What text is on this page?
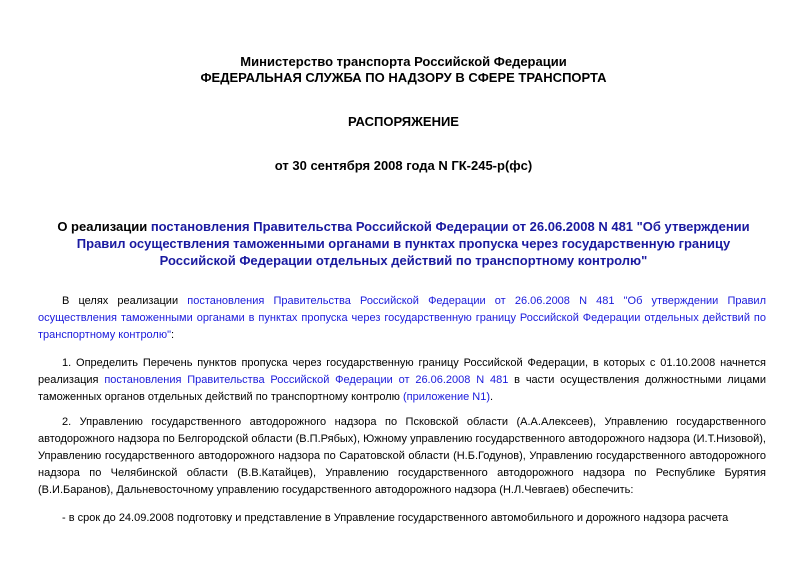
Министерство транспорта Российской Федерации
ФЕДЕРАЛЬНАЯ СЛУЖБА ПО НАДЗОРУ В СФЕРЕ ТРАНСПОРТА
РАСПОРЯЖЕНИЕ
от 30 сентября 2008 года N ГК-245-р(фс)
О реализации постановления Правительства Российской Федерации от 26.06.2008 N 481 "Об утверждении Правил осуществления таможенными органами в пунктах пропуска через государственную границу Российской Федерации отдельных действий по транспортному контролю"
В целях реализации постановления Правительства Российской Федерации от 26.06.2008 N 481 "Об утверждении Правил осуществления таможенными органами в пунктах пропуска через государственную границу Российской Федерации отдельных действий по транспортному контролю":
1. Определить Перечень пунктов пропуска через государственную границу Российской Федерации, в которых с 01.10.2008 начнется реализация постановления Правительства Российской Федерации от 26.06.2008 N 481 в части осуществления должностными лицами таможенных органов отдельных действий по транспортному контролю (приложение N1).
2. Управлению государственного автодорожного надзора по Псковской области (А.А.Алексеев), Управлению государственного автодорожного надзора по Белгородской области (В.П.Рябых), Южному управлению государственного автодорожного надзора (И.Т.Низовой), Управлению государственного автодорожного надзора по Саратовской области (Н.Б.Годунов), Управлению государственного автодорожного надзора по Челябинской области (В.В.Катайцев), Управлению государственного автодорожного надзора по Республике Бурятия (В.И.Баранов), Дальневосточному управлению государственного автодорожного надзора (Н.Л.Чевгаев) обеспечить:
- в срок до 24.09.2008 подготовку и представление в Управление государственного автомобильного и дорожного надзора расчета
